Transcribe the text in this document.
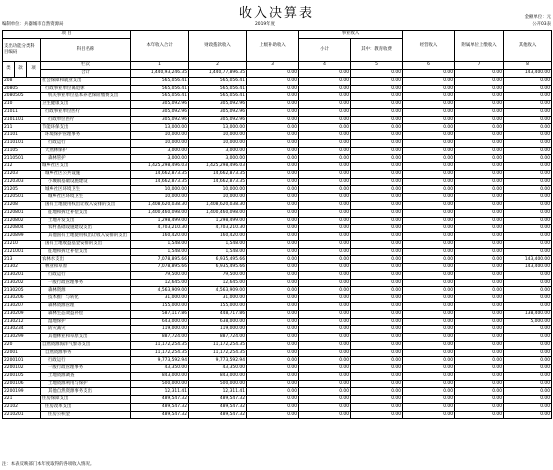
收入决算表
编制单位：兵器城市自然资源局	2019年度
金额单位：元
公开03表
项 目				本年收入合计	财政拨款收入	上级补助收入	事业收入		经营收入	附属单位上缴收入	其他收入
支出功能分类科目编码			科目名称				小计	其中：教育收费			
类	款	项	栏次	1	2	3	4	5	6	7	8
			合计	1,440,93,246.35	1,440,77,896.35	0.00	0.00	0.00	0.00	0.00	143,400.00
208			社会保障和就业支出	565,056.41	565,056.41	0.00	0.00	0.00	0.00	0.00	0.00
20805			行政事业单位离退休	565,056.41	565,056.41	0.00	0.00	0.00	0.00	0.00	0.00
2080505			机关事业单位基本养老保险缴费支出	565,056.41	565,056.41	0.00	0.00	0.00	0.00	0.00	0.00
210			卫生健康支出	305,092.96	305,092.96	0.00	0.00	0.00	0.00	0.00	0.00
21011			行政事业单位医疗	305,092.96	305,092.96	0.00	0.00	0.00	0.00	0.00	0.00
2101101			行政单位医疗	305,092.96	305,092.96	0.00	0.00	0.00	0.00	0.00	0.00
211			节能环保支出	13,000.00	13,000.00	0.00	0.00	0.00	0.00	0.00	0.00
21101			环境保护管理事务	10,000.00	10,000.00	0.00	0.00	0.00	0.00	0.00	0.00
2110101			行政运行	10,000.00	10,000.00	0.00	0.00	0.00	0.00	0.00	0.00
21105			天然林保护	3,000.00	3,000.00	0.00	0.00	0.00	0.00	0.00	0.00
2110501			森林管护	3,000.00	3,000.00	0.00	0.00	0.00	0.00	0.00	0.00
212			城乡社区支出	1,425,298,496.03	1,425,298,496.03	0.00	0.00	0.00	0.00	0.00	0.00
21203			城乡社区公共设施	14,662,873.35	14,662,873.35	0.00	0.00	0.00	0.00	0.00	0.00
2120303			小城镇基础设施建设	14,662,873.35	14,662,873.35	0.00	0.00	0.00	0.00	0.00	0.00
21205			城乡社区环境卫生	10,000.00	10,000.00	0.00	0.00	0.00	0.00	0.00	0.00
2120501			城乡社区环境卫生	10,000.00	10,000.00	0.00	0.00	0.00	0.00	0.00	0.00
21208			国有土地使用权出让收入安排的支出	1,408,620,038.30	1,408,620,038.30	0.00	0.00	0.00	0.00	0.00	0.00
2120801			征地和拆迁补偿支出	1,400,460,098.00	1,400,460,098.00	0.00	0.00	0.00	0.00	0.00	0.00
2120802			土地开发支出	1,298,499.00	1,298,499.00	0.00	0.00	0.00	0.00	0.00	0.00
2120804			农村基础设施建设支出	4,703,210.30	4,703,210.30	0.00	0.00	0.00	0.00	0.00	0.00
2120899			其他国有土地使用权出让收入安排的支出	160,420.00	160,420.00	0.00	0.00	0.00	0.00	0.00	0.00
21210			国有土地收益基金安排的支出	1,548.00	1,548.00	0.00	0.00	0.00	0.00	0.00	0.00
2121001			征地和拆迁补偿支出	1,548.00	1,548.00	0.00	0.00	0.00	0.00	0.00	0.00
213			农林水支出	7,078,895.66	6,935,495.66	0.00	0.00	0.00	0.00	0.00	143,400.00
21302			林业和草原	7,078,895.66	6,935,495.66	0.00	0.00	0.00	0.00	0.00	143,400.00
2130201			行政运行	79,500.00	79,500.00	0.00	0.00	0.00	0.00	0.00	0.00
2130202			一般行政管理事务	12,645.00	12,645.00	0.00	0.00	0.00	0.00	0.00	0.00
2130205			森林资源	4,563,909.00	4,563,909.00	0.00	0.00	0.00	0.00	0.00	0.00
2130206			技术推广与转化	31,000.00	31,000.00	0.00	0.00	0.00	0.00	0.00	0.00
2130207			森林资源管理	155,000.00	155,000.00	0.00	0.00	0.00	0.00	0.00	0.00
2130209			森林生态效益补偿	587,117.86	448,717.86	0.00	0.00	0.00	0.00	0.00	138,400.00
2130212			湿地保护	643,000.00	638,000.00	0.00	0.00	0.00	0.00	0.00	5,000.00
2130234			防灾减灾	119,000.00	119,000.00	0.00	0.00	0.00	0.00	0.00	0.00
2130299			其他林业和草原支出	887,724.00	887,724.00	0.00	0.00	0.00	0.00	0.00	0.00
220			自然资源海洋气象等支出	11,172,254.35	11,172,254.35	0.00	0.00	0.00	0.00	0.00	0.00
22001			自然资源事务	11,172,254.35	11,172,254.35	0.00	0.00	0.00	0.00	0.00	0.00
2200101			行政运行	9,773,592.94	9,773,592.94	0.00	0.00	0.00	0.00	0.00	0.00
2200102			一般行政管理事务	43,350.00	43,350.00	0.00	0.00	0.00	0.00	0.00	0.00
2200105			土地资源调查	843,000.00	843,000.00	0.00	0.00	0.00	0.00	0.00	0.00
2200106			土地资源利用与保护	500,000.00	500,000.00	0.00	0.00	0.00	0.00	0.00	0.00
2200199			其他自然资源事务支出	12,311.41	12,311.41	0.00	0.00	0.00	0.00	0.00	0.00
221			住房保障支出	489,547.32	489,547.32	0.00	0.00	0.00	0.00	0.00	0.00
22102			住房改革支出	489,547.32	489,547.32	0.00	0.00	0.00	0.00	0.00	0.00
2210201			住房公积金	489,547.32	489,547.32	0.00	0.00	0.00	0.00	0.00	0.00
注：本表反映部门本年度取得的各项收入情况。
